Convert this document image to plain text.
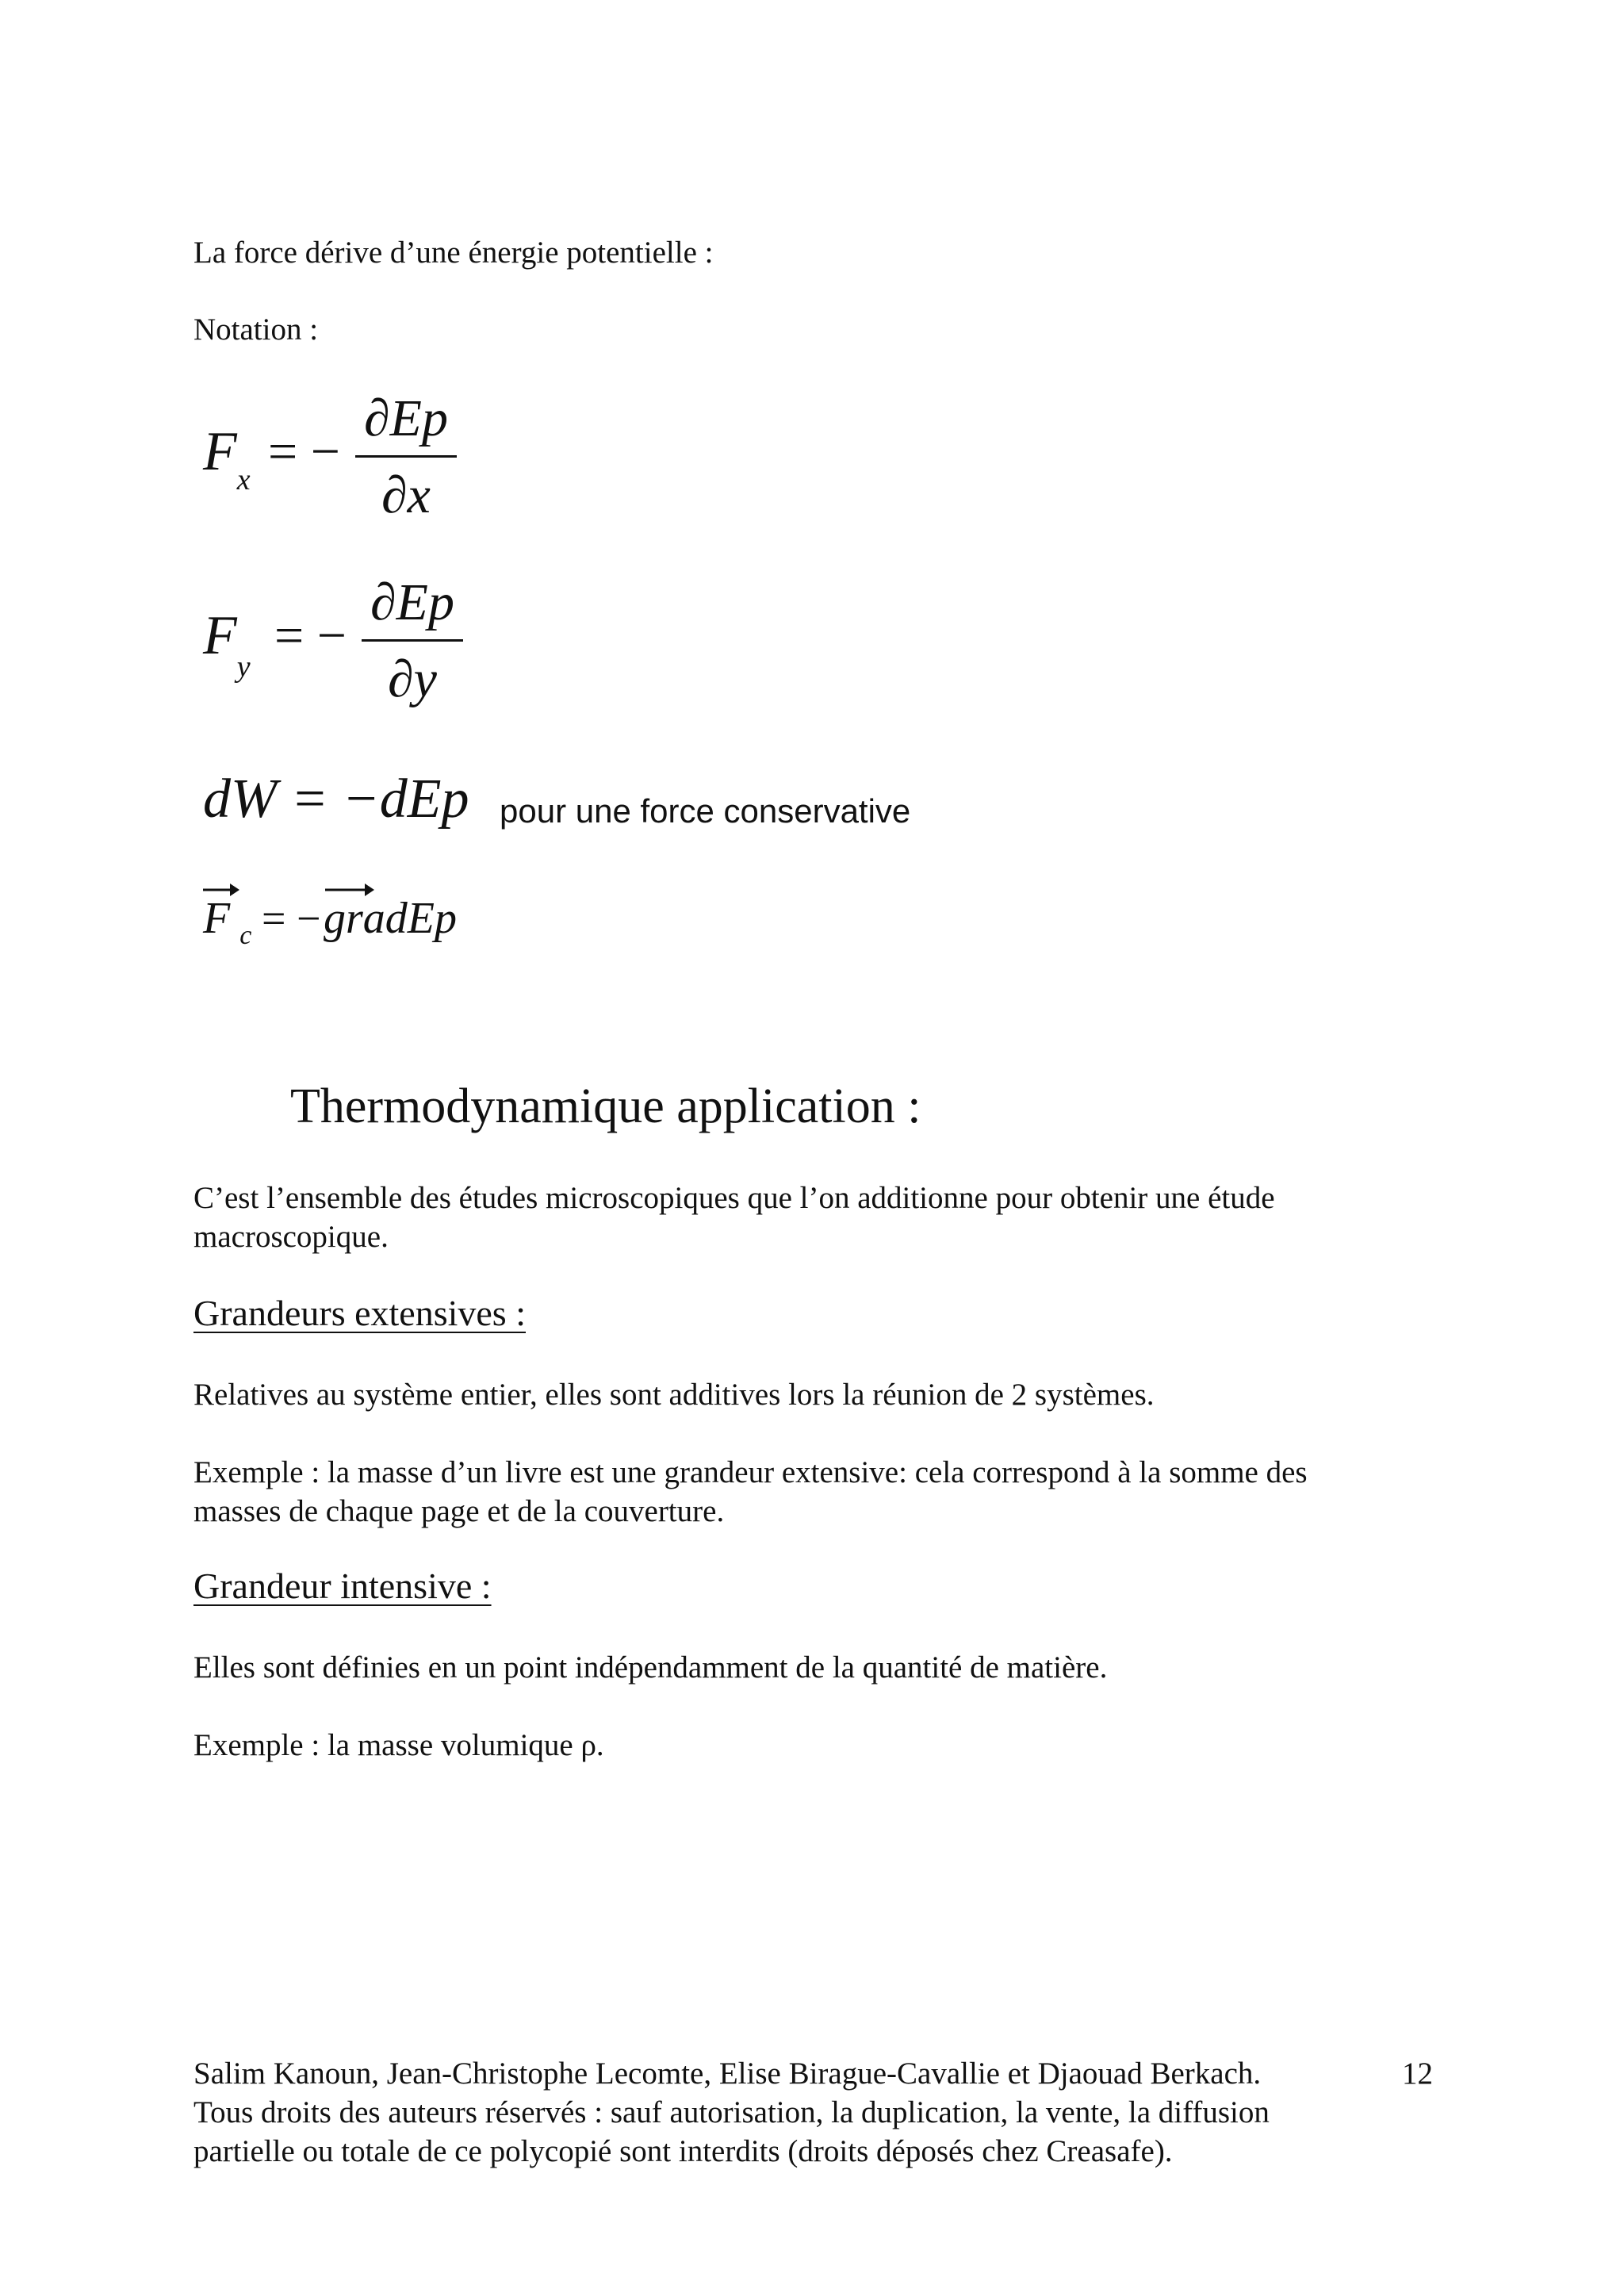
La force dérive d’une énergie potentielle :
Notation :
$F_x$ = −
∂Ep
∂x
$F_y$
= −
∂Ep
∂y
dW = −dEp pour une force conservative
F $_c$ = − gradEp
Thermodynamique application :
C’est l’ensemble des études microscopiques que l’on additionne pour obtenir une étude
macroscopique.
Grandeurs extensives :
Relatives au système entier, elles sont additives lors la réunion de 2 systèmes.
Exemple : la masse d’un livre est une grandeur extensive: cela correspond à la somme des
masses de chaque page et de la couverture.
Grandeur intensive :
Elles sont définies en un point indépendamment de la quantité de matière.
Exemple : la masse volumique ρ.
Salim Kanoun, Jean-Christophe Lecomte, Elise Birague-Cavallie et Djaouad Berkach.
Tous droits des auteurs réservés : sauf autorisation, la duplication, la vente, la diffusion
partielle ou totale de ce polycopié sont interdits (droits déposés chez Creasafe).
12
